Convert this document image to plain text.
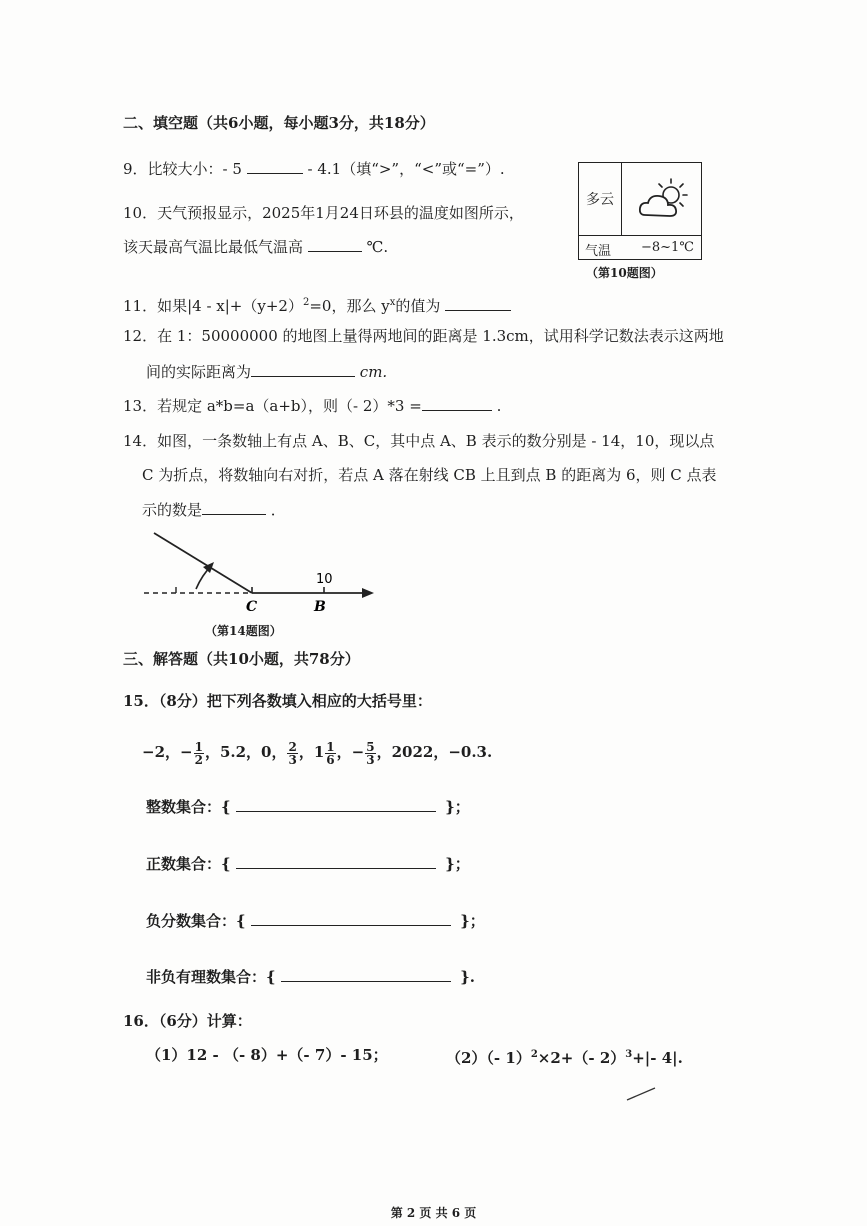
二、填空题（共6小题，每小题3分，共18分）
9．比较大小：- 5	- 4.1（填“>”，“<”或“=”）.
10．天气预报显示，2025年1月24日环县的温度如图所示，
该天最高气温比最低气温高	℃.
多云
气温 −8~1℃
（第10题图）
11．如果$|4 - x|+(y+2)^2=0$，那么 $y^x$的值为
12．在 1：50000000 的地图上量得两地间的距离是 1.3cm，试用科学记数法表示这两地
间的实际距离为	cm.
13．若规定 a*b=a（a+b），则（- 2）*3 =	.
14．如图，一条数轴上有点 A、B、C，其中点 A、B 表示的数分别是 - 14，10，现以点
C 为折点，将数轴向右对折，若点 A 落在射线 CB 上且到点 B 的距离为 6，则 C 点表
示的数是	．
C	B
10
（第14题图）
三、解答题（共10小题，共78分）
15．（8分）把下列各数填入相应的大括号里：
−2，− $\frac{1}{2}$ ，5.2，0， $\frac{2}{3}$ ，$1 \frac{1}{6}$ ，− $\frac{5}{3}$ ，2022，−0.3.
整数集合：{	}；
正数集合：{	}；
负分数集合：{	}；
非负有理数集合：{	}.
16．（6分）计算：
（1）12 - （- 8）+（- 7）- 15；	（2）（- 1）$^2$×2+（- 2）$^3$+|- 4|.
第 2 页 共 6 页
